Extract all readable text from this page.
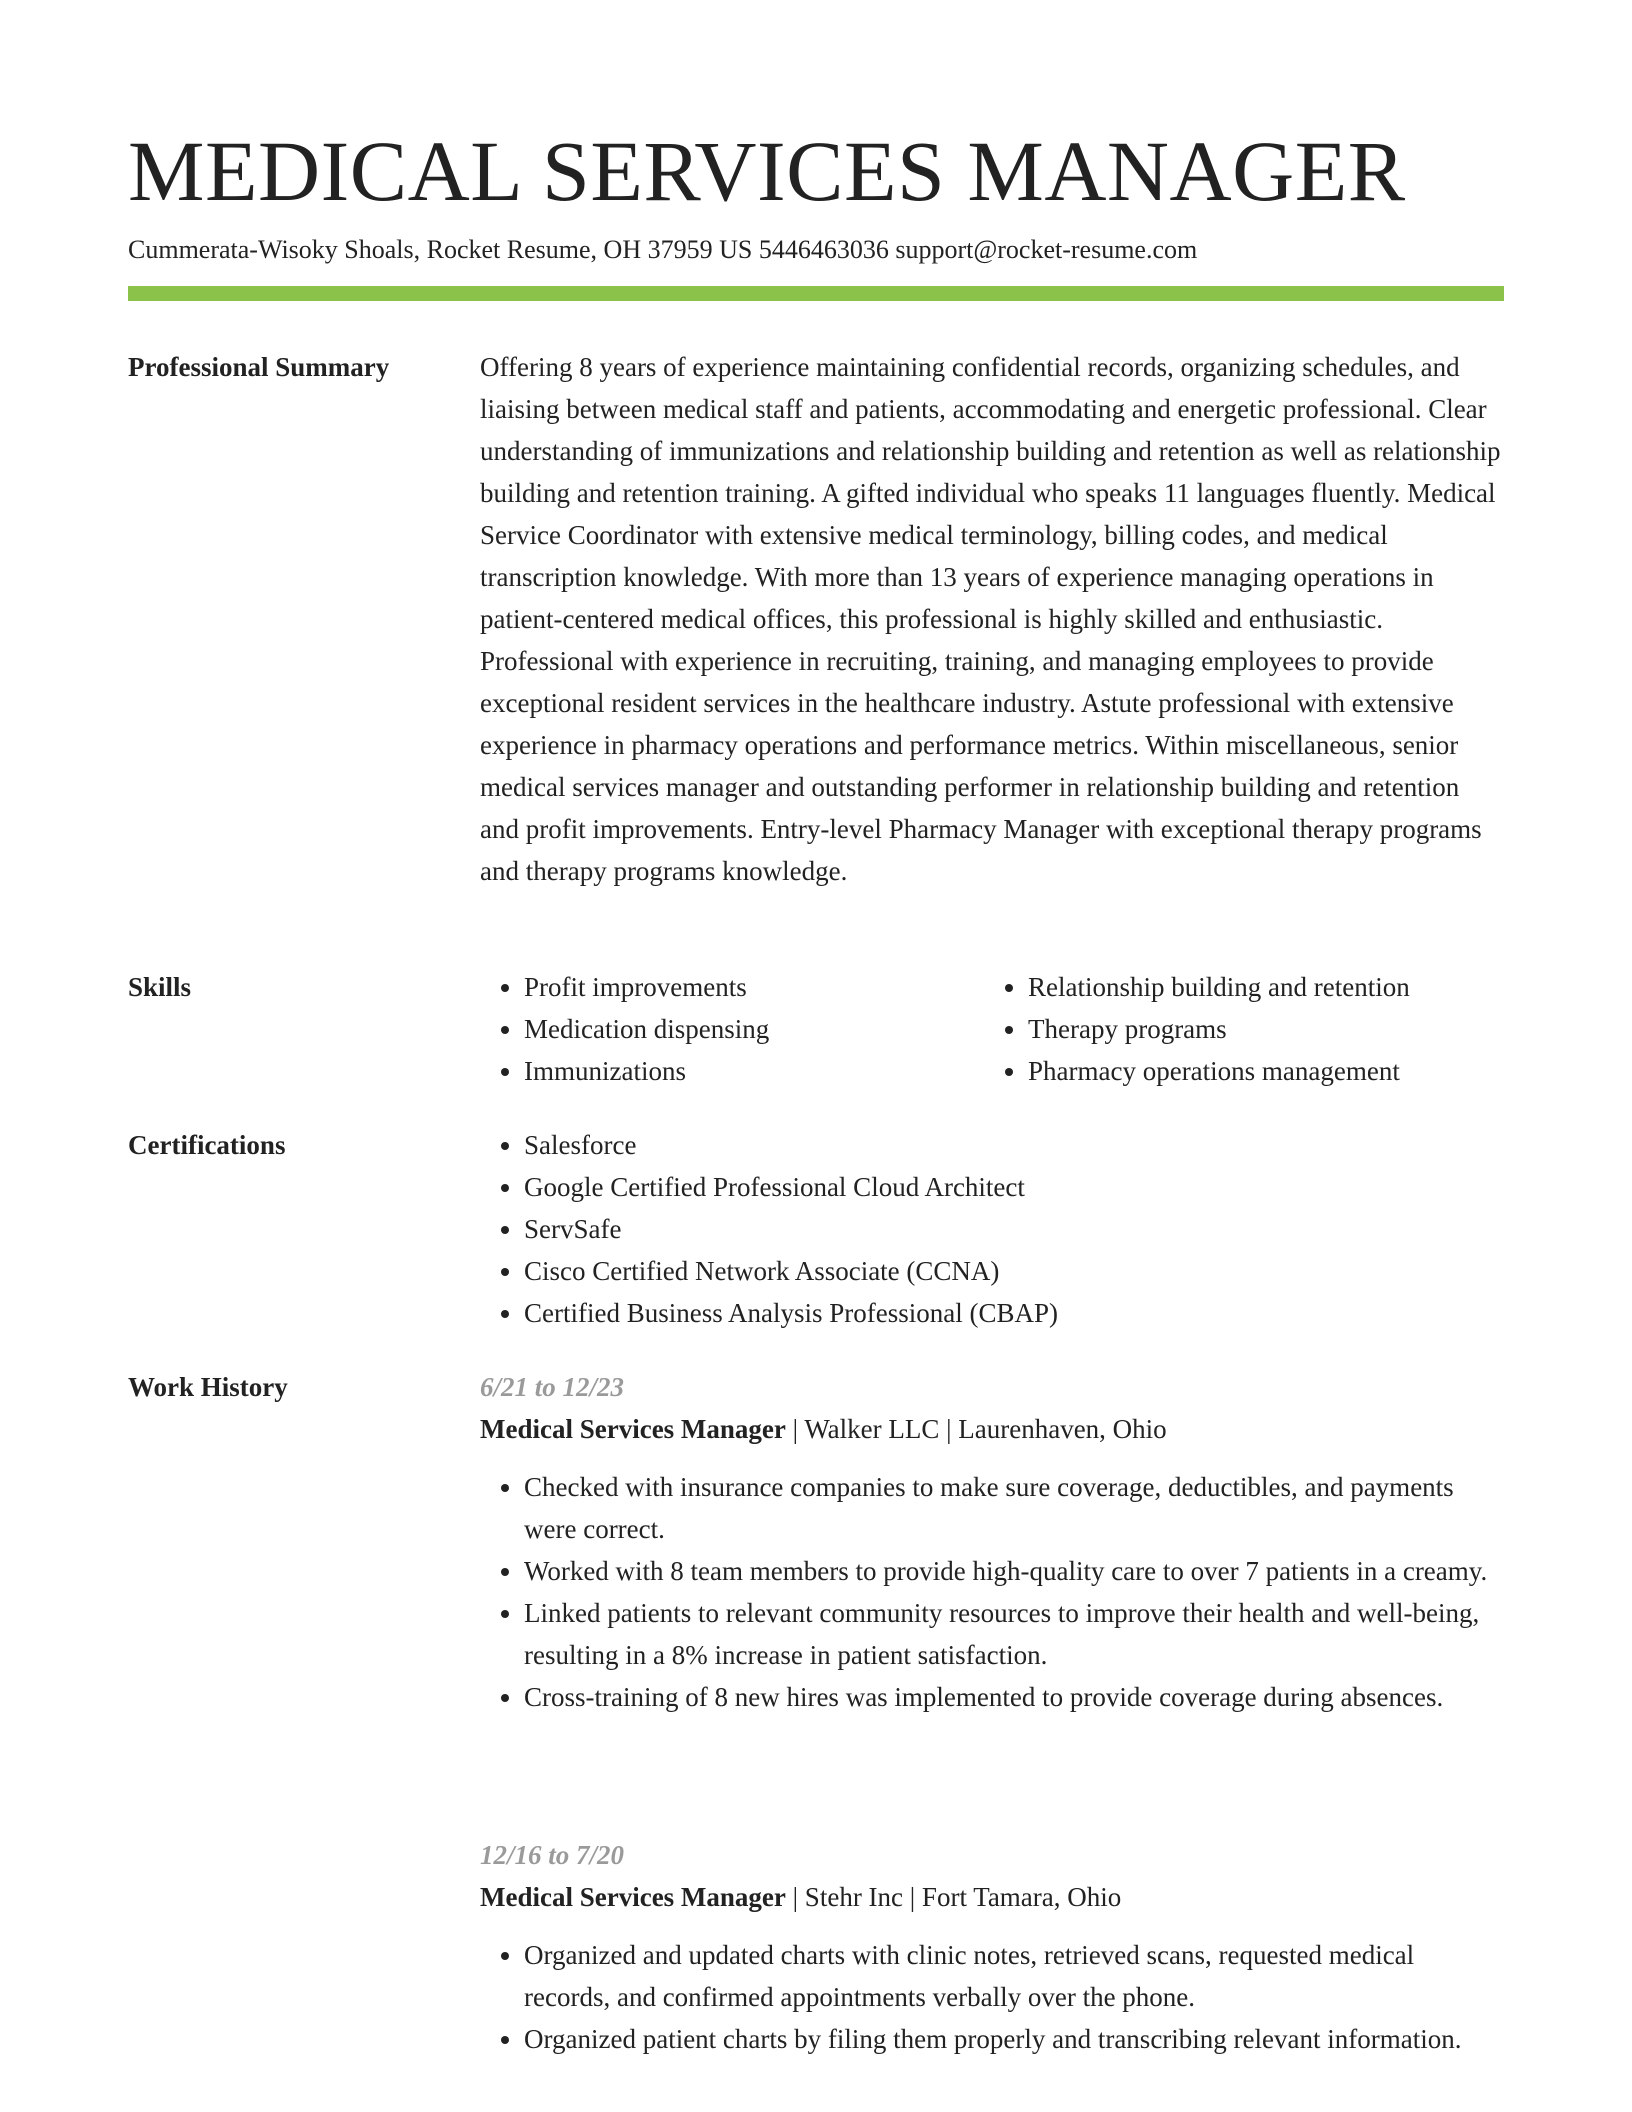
MEDICAL SERVICES MANAGER
Cummerata-Wisoky Shoals, Rocket Resume, OH 37959 US 5446463036 support@rocket-resume.com
Professional Summary	Offering 8 years of experience maintaining confidential records, organizing schedules, and liaising between medical staff and patients, accommodating and energetic professional. Clear understanding of immunizations and relationship building and retention as well as relationship building and retention training. A gifted individual who speaks 11 languages fluently. Medical Service Coordinator with extensive medical terminology, billing codes, and medical transcription knowledge. With more than 13 years of experience managing operations in patient-centered medical offices, this professional is highly skilled and enthusiastic. Professional with experience in recruiting, training, and managing employees to provide exceptional resident services in the healthcare industry. Astute professional with extensive experience in pharmacy operations and performance metrics. Within miscellaneous, senior medical services manager and outstanding performer in relationship building and retention and profit improvements. Entry-level Pharmacy Manager with exceptional therapy programs and therapy programs knowledge.

Skills	• Profit improvements
• Medication dispensing
• Immunizations
• Relationship building and retention
• Therapy programs
• Pharmacy operations management
Certifications	• Salesforce
• Google Certified Professional Cloud Architect
• ServSafe
• Cisco Certified Network Associate (CCNA)
• Certified Business Analysis Professional (CBAP)
Work History	6/21 to 12/23
Medical Services Manager | Walker LLC | Laurenhaven, Ohio
• Checked with insurance companies to make sure coverage, deductibles, and payments were correct.
• Worked with 8 team members to provide high-quality care to over 7 patients in a creamy.
• Linked patients to relevant community resources to improve their health and well-being, resulting in a 8% increase in patient satisfaction.
• Cross-training of 8 new hires was implemented to provide coverage during absences.
12/16 to 7/20
Medical Services Manager | Stehr Inc | Fort Tamara, Ohio
• Organized and updated charts with clinic notes, retrieved scans, requested medical records, and confirmed appointments verbally over the phone.
• Organized patient charts by filing them properly and transcribing relevant information.
